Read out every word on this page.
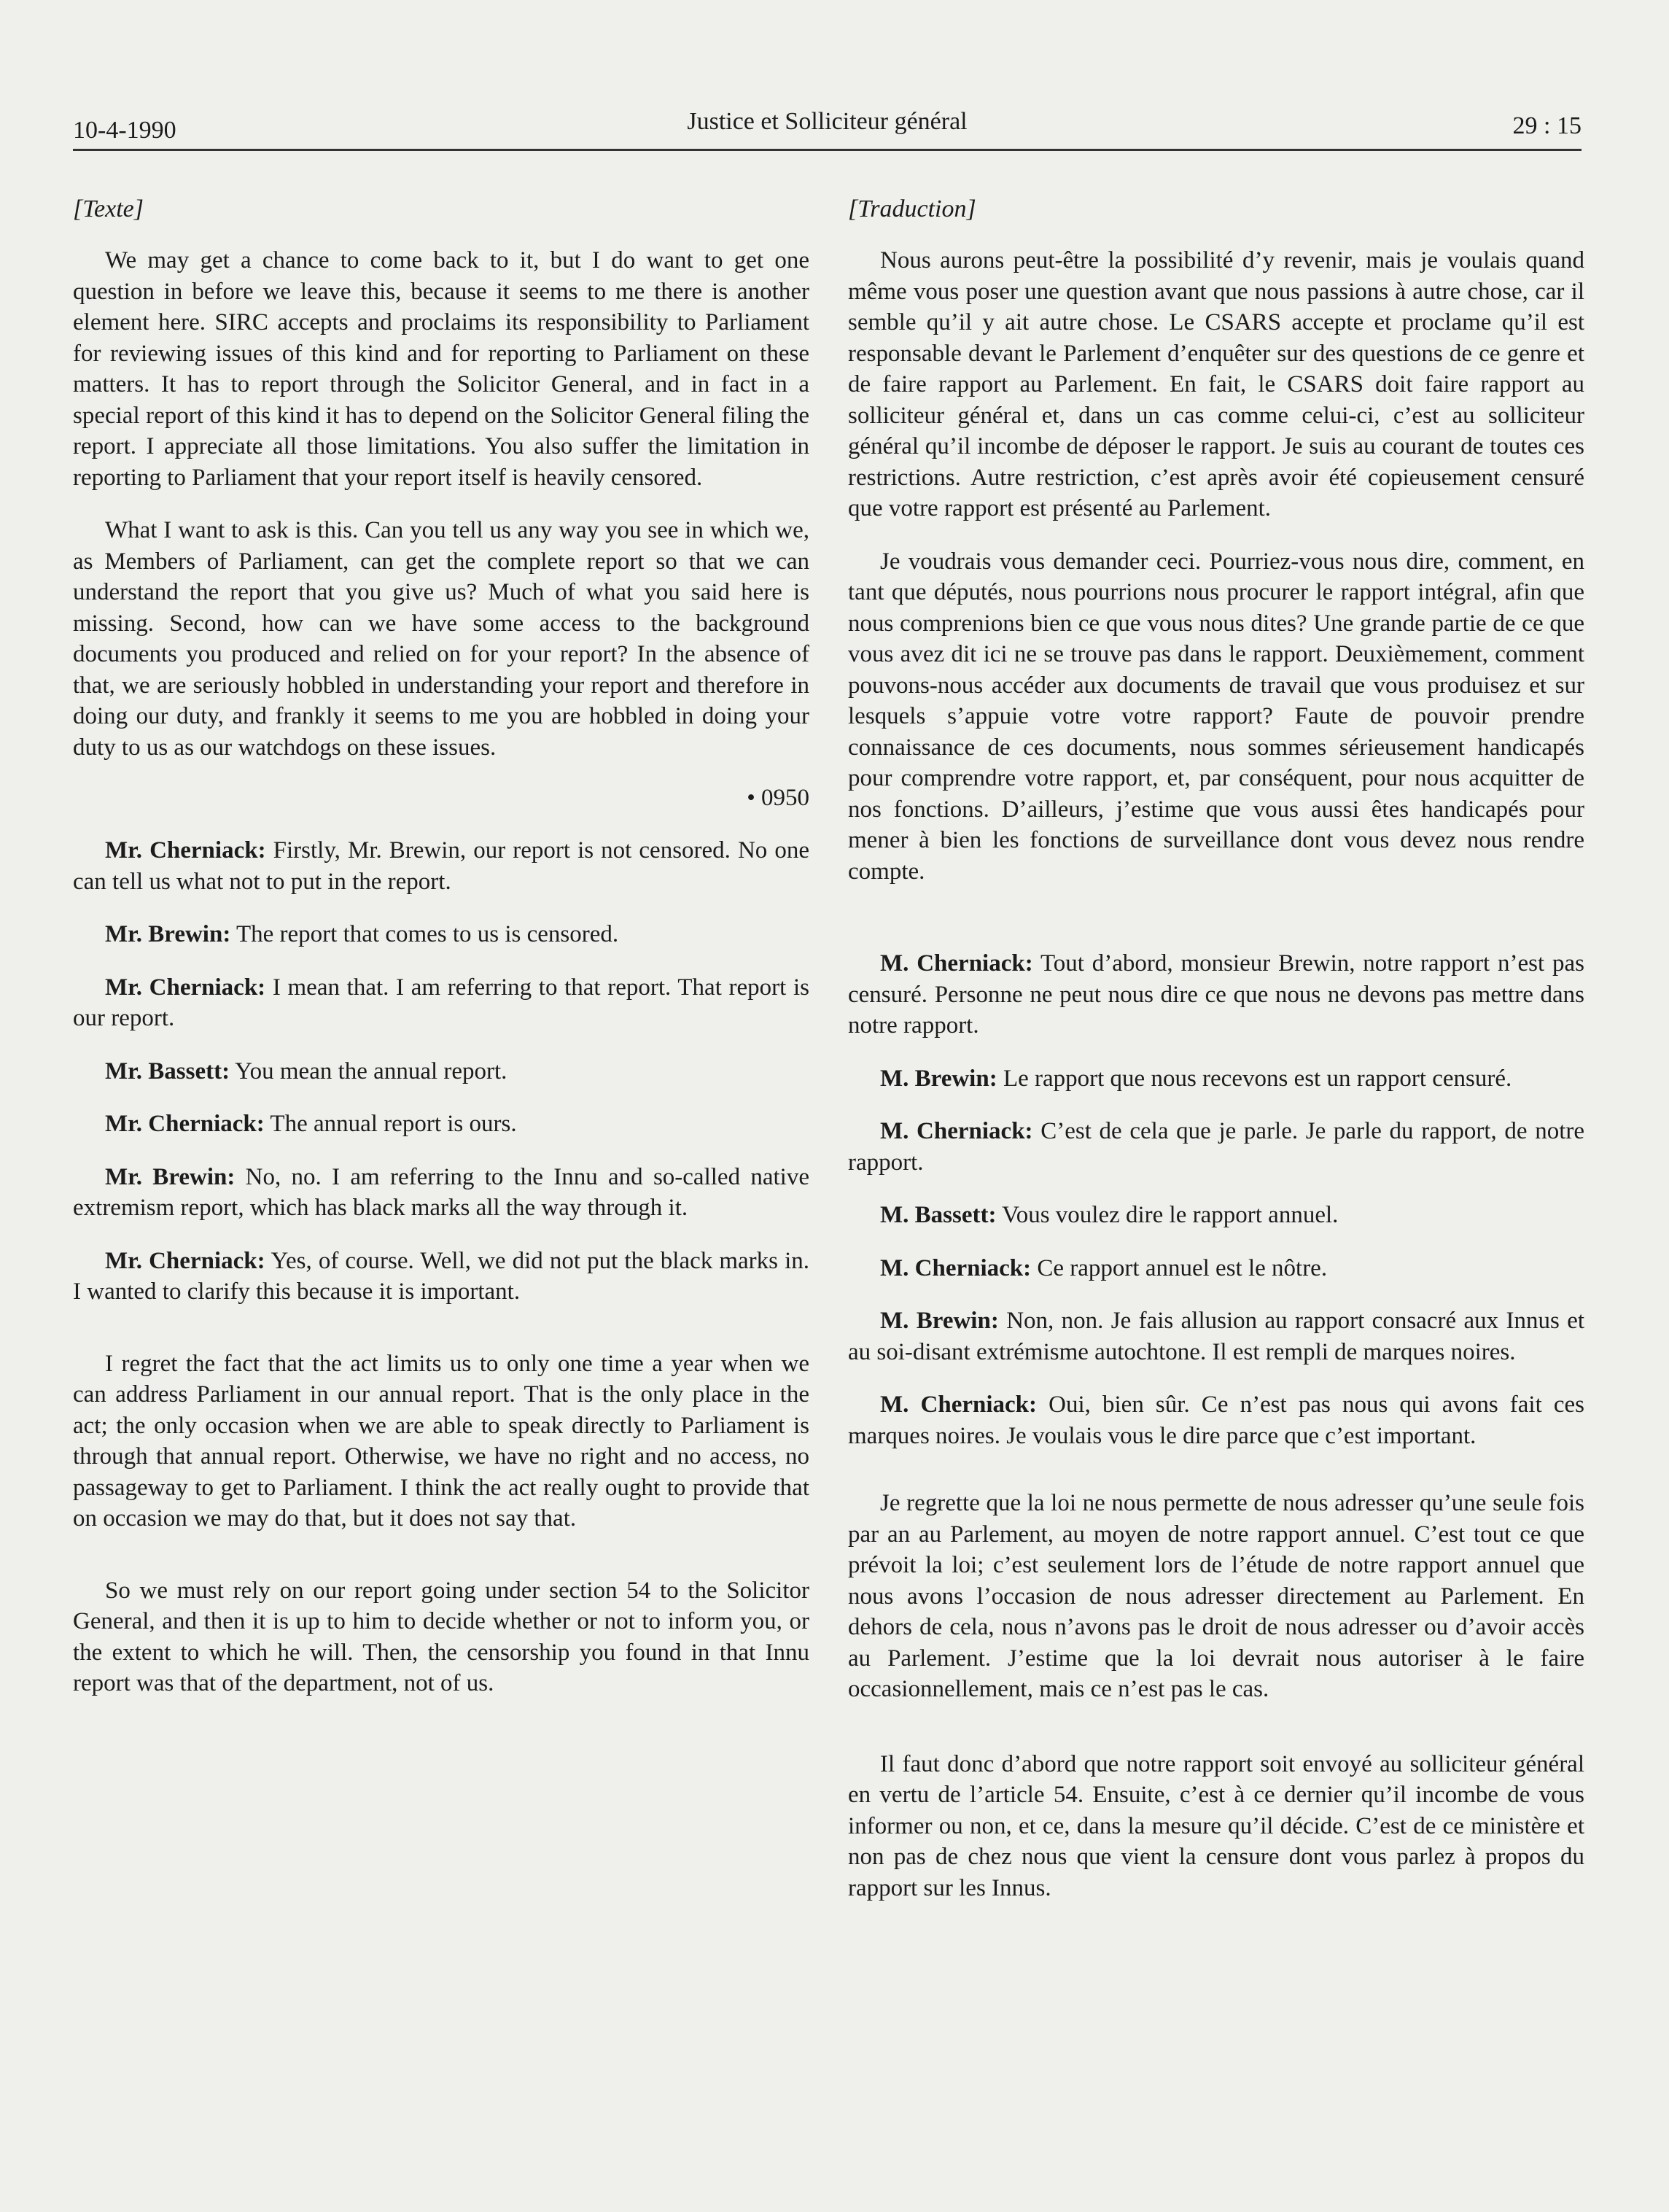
10-4-1990	Justice et Solliciteur général	29 : 15
[Texte]

We may get a chance to come back to it, but I do want to get one question in before we leave this, because it seems to me there is another element here. SIRC accepts and proclaims its responsibility to Parliament for reviewing issues of this kind and for reporting to Parliament on these matters. It has to report through the Solicitor General, and in fact in a special report of this kind it has to depend on the Solicitor General filing the report. I appreciate all those limitations. You also suffer the limitation in reporting to Parliament that your report itself is heavily censored.

What I want to ask is this. Can you tell us any way you see in which we, as Members of Parliament, can get the complete report so that we can understand the report that you give us? Much of what you said here is missing. Second, how can we have some access to the background documents you produced and relied on for your report? In the absence of that, we are seriously hobbled in understanding your report and therefore in doing our duty, and frankly it seems to me you are hobbled in doing your duty to us as our watchdogs on these issues.

• 0950

Mr. Cherniack: Firstly, Mr. Brewin, our report is not censored. No one can tell us what not to put in the report.

Mr. Brewin: The report that comes to us is censored.

Mr. Cherniack: I mean that. I am referring to that report. That report is our report.

Mr. Bassett: You mean the annual report.

Mr. Cherniack: The annual report is ours.

Mr. Brewin: No, no. I am referring to the Innu and so-called native extremism report, which has black marks all the way through it.

Mr. Cherniack: Yes, of course. Well, we did not put the black marks in. I wanted to clarify this because it is important.

I regret the fact that the act limits us to only one time a year when we can address Parliament in our annual report. That is the only place in the act; the only occasion when we are able to speak directly to Parliament is through that annual report. Otherwise, we have no right and no access, no passageway to get to Parliament. I think the act really ought to provide that on occasion we may do that, but it does not say that.

So we must rely on our report going under section 54 to the Solicitor General, and then it is up to him to decide whether or not to inform you, or the extent to which he will. Then, the censorship you found in that Innu report was that of the department, not of us.

[Traduction]

Nous aurons peut-être la possibilité d’y revenir, mais je voulais quand même vous poser une question avant que nous passions à autre chose, car il semble qu’il y ait autre chose. Le CSARS accepte et proclame qu’il est responsable devant le Parlement d’enquêter sur des questions de ce genre et de faire rapport au Parlement. En fait, le CSARS doit faire rapport au solliciteur général et, dans un cas comme celui-ci, c’est au solliciteur général qu’il incombe de déposer le rapport. Je suis au courant de toutes ces restrictions. Autre restriction, c’est après avoir été copieusement censuré que votre rapport est présenté au Parlement.

Je voudrais vous demander ceci. Pourriez-vous nous dire, comment, en tant que députés, nous pourrions nous procurer le rapport intégral, afin que nous comprenions bien ce que vous nous dites? Une grande partie de ce que vous avez dit ici ne se trouve pas dans le rapport. Deuxièmement, comment pouvons-nous accéder aux documents de travail que vous produisez et sur lesquels s’appuie votre votre rapport? Faute de pouvoir prendre connaissance de ces documents, nous sommes sérieusement handicapés pour comprendre votre rapport, et, par conséquent, pour nous acquitter de nos fonctions. D’ailleurs, j’estime que vous aussi êtes handicapés pour mener à bien les fonctions de surveillance dont vous devez nous rendre compte.

M. Cherniack: Tout d’abord, monsieur Brewin, notre rapport n’est pas censuré. Personne ne peut nous dire ce que nous ne devons pas mettre dans notre rapport.

M. Brewin: Le rapport que nous recevons est un rapport censuré.

M. Cherniack: C’est de cela que je parle. Je parle du rapport, de notre rapport.

M. Bassett: Vous voulez dire le rapport annuel.

M. Cherniack: Ce rapport annuel est le nôtre.

M. Brewin: Non, non. Je fais allusion au rapport consacré aux Innus et au soi-disant extrémisme autochtone. Il est rempli de marques noires.

M. Cherniack: Oui, bien sûr. Ce n’est pas nous qui avons fait ces marques noires. Je voulais vous le dire parce que c’est important.

Je regrette que la loi ne nous permette de nous adresser qu’une seule fois par an au Parlement, au moyen de notre rapport annuel. C’est tout ce que prévoit la loi; c’est seulement lors de l’étude de notre rapport annuel que nous avons l’occasion de nous adresser directement au Parlement. En dehors de cela, nous n’avons pas le droit de nous adresser ou d’avoir accès au Parlement. J’estime que la loi devrait nous autoriser à le faire occasionnellement, mais ce n’est pas le cas.

Il faut donc d’abord que notre rapport soit envoyé au solliciteur général en vertu de l’article 54. Ensuite, c’est à ce dernier qu’il incombe de vous informer ou non, et ce, dans la mesure qu’il décide. C’est de ce ministère et non pas de chez nous que vient la censure dont vous parlez à propos du rapport sur les Innus.
